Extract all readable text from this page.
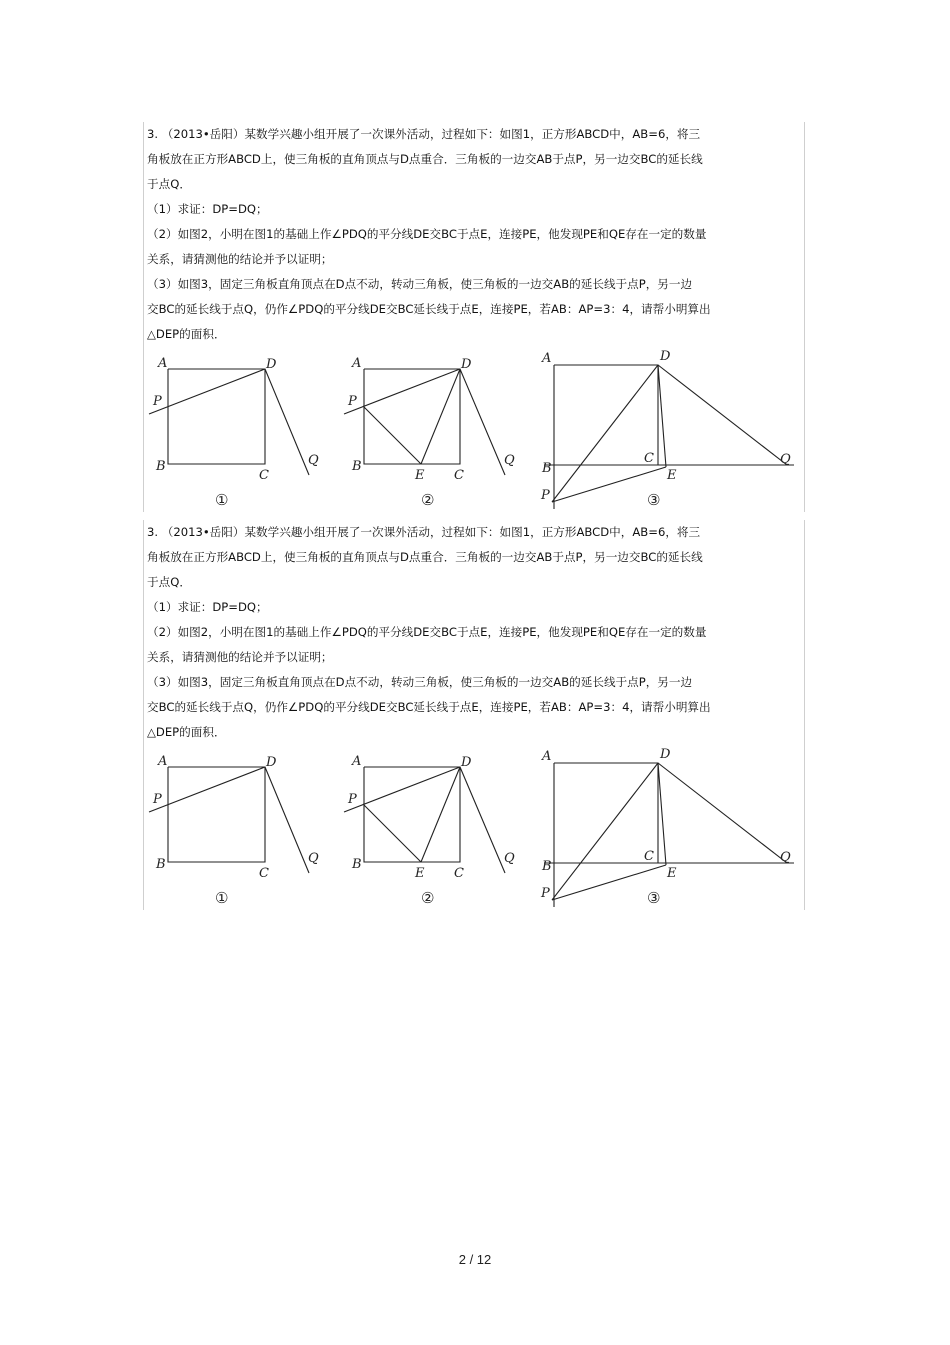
3. （2013•岳阳）某数学兴趣小组开展了一次课外活动，过程如下：如图1，正方形ABCD中，AB=6，将三
角板放在正方形ABCD上，使三角板的直角顶点与D点重合．三角板的一边交AB于点P，另一边交BC的延长线
于点Q．
（1）求证：DP=DQ；
（2）如图2，小明在图1的基础上作∠PDQ的平分线DE交BC于点E，连接PE，他发现PE和QE存在一定的数量
关系，请猜测他的结论并予以证明；
（3）如图3，固定三角板直角顶点在D点不动，转动三角板，使三角板的一边交AB的延长线于点P，另一边
交BC的延长线于点Q，仍作∠PDQ的平分线DE交BC延长线于点E，连接PE，若AB：AP=3：4，请帮小明算出
△DEP的面积．
A	D
P
B
C
Q
①
A	D
P
B
E C
Q
②
A	D
B
C
E
Q
P	③
3. （2013•岳阳）某数学兴趣小组开展了一次课外活动，过程如下：如图1，正方形ABCD中，AB=6，将三
角板放在正方形ABCD上，使三角板的直角顶点与D点重合．三角板的一边交AB于点P，另一边交BC的延长线
于点Q．
（1）求证：DP=DQ；
（2）如图2，小明在图1的基础上作∠PDQ的平分线DE交BC于点E，连接PE，他发现PE和QE存在一定的数量
关系，请猜测他的结论并予以证明；
（3）如图3，固定三角板直角顶点在D点不动，转动三角板，使三角板的一边交AB的延长线于点P，另一边
交BC的延长线于点Q，仍作∠PDQ的平分线DE交BC延长线于点E，连接PE，若AB：AP=3：4，请帮小明算出
△DEP的面积．
A	D
P
B
C
Q
①
A	D
P
B
E C
Q
②
A	D
B
C
E
Q
P	③
2 / 12
